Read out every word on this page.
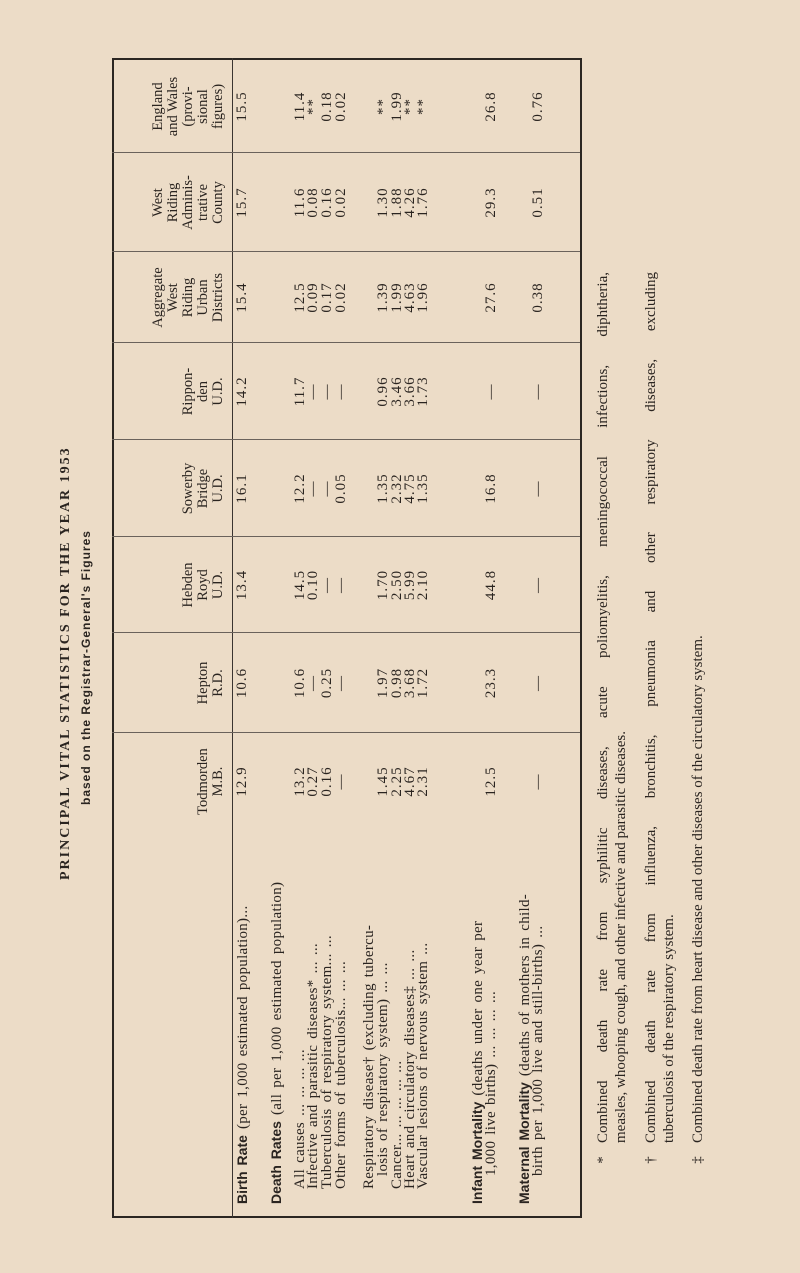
PRINCIPAL VITAL STATISTICS FOR THE YEAR 1953 based on the Registrar-General's Figures	Todmorden M.B.
Hepton R.D.
Hebden Royd U.D.
Sowerby Bridge U.D.
Rippon- den U.D.
Aggregate West Riding Urban Districts
West Riding Adminis- trative County
England and Wales (provi- sional figures)
Birth Rate (per 1,000 estimated population)...
12.9
10.6
13.4
16.1
14.2
15.4
15.7
15.5
Death Rates (all per 1,000 estimated population) All causes ... ... ... ...
13.2
10.6
14.5
12.2
11.7
12.5
11.6
11.4
Infective and parasitic diseases* ... ...
0.27
—
0.10
—
—
0.09
0.08
**
Tuberculosis of respiratory system... ...
0.16
0.25
—
—
—
0.17
0.16
0.18
Other forms of tuberculosis... ... ...
—
—
—
0.05
—
0.02
0.02
0.02
Respiratory disease† (excluding tubercu-
losis of respiratory system) ... ...
1.45
1.97
1.70
1.35
0.96
1.39
1.30
**
Cancer... ... ... ... ...
2.25
0.98
2.50
2.32
3.46
1.99
1.88
1.99
Heart and circulatory diseases‡ ... ...
4.67
3.68
5.99
4.75
3.66
4.63
4.26
**
Vascular lesions of nervous system ...
2.31
1.72
2.10
1.35
1.73
1.96
1.76
**
Infant Mortality (deaths under one year per
1,000 live births) ... ... ... ...
12.5
23.3
44.8
16.8
—
27.6
29.3
26.8
Maternal Mortality (deaths of mothers in child-
birth per 1,000 live and still-births) ...
—
—
—
—
—
0.38
0.51
0.76
*
Combined death rate from syphilitic diseases, acute poliomyelitis, meningococcal infections, diphtheria, measles, whooping cough, and other infective and parasitic diseases.
†
Combined death rate from influenza, bronchitis, pneumonia and other respiratory diseases, excluding tuberculosis of the respiratory system.
‡
Combined death rate from heart disease and other diseases of the circulatory system.
